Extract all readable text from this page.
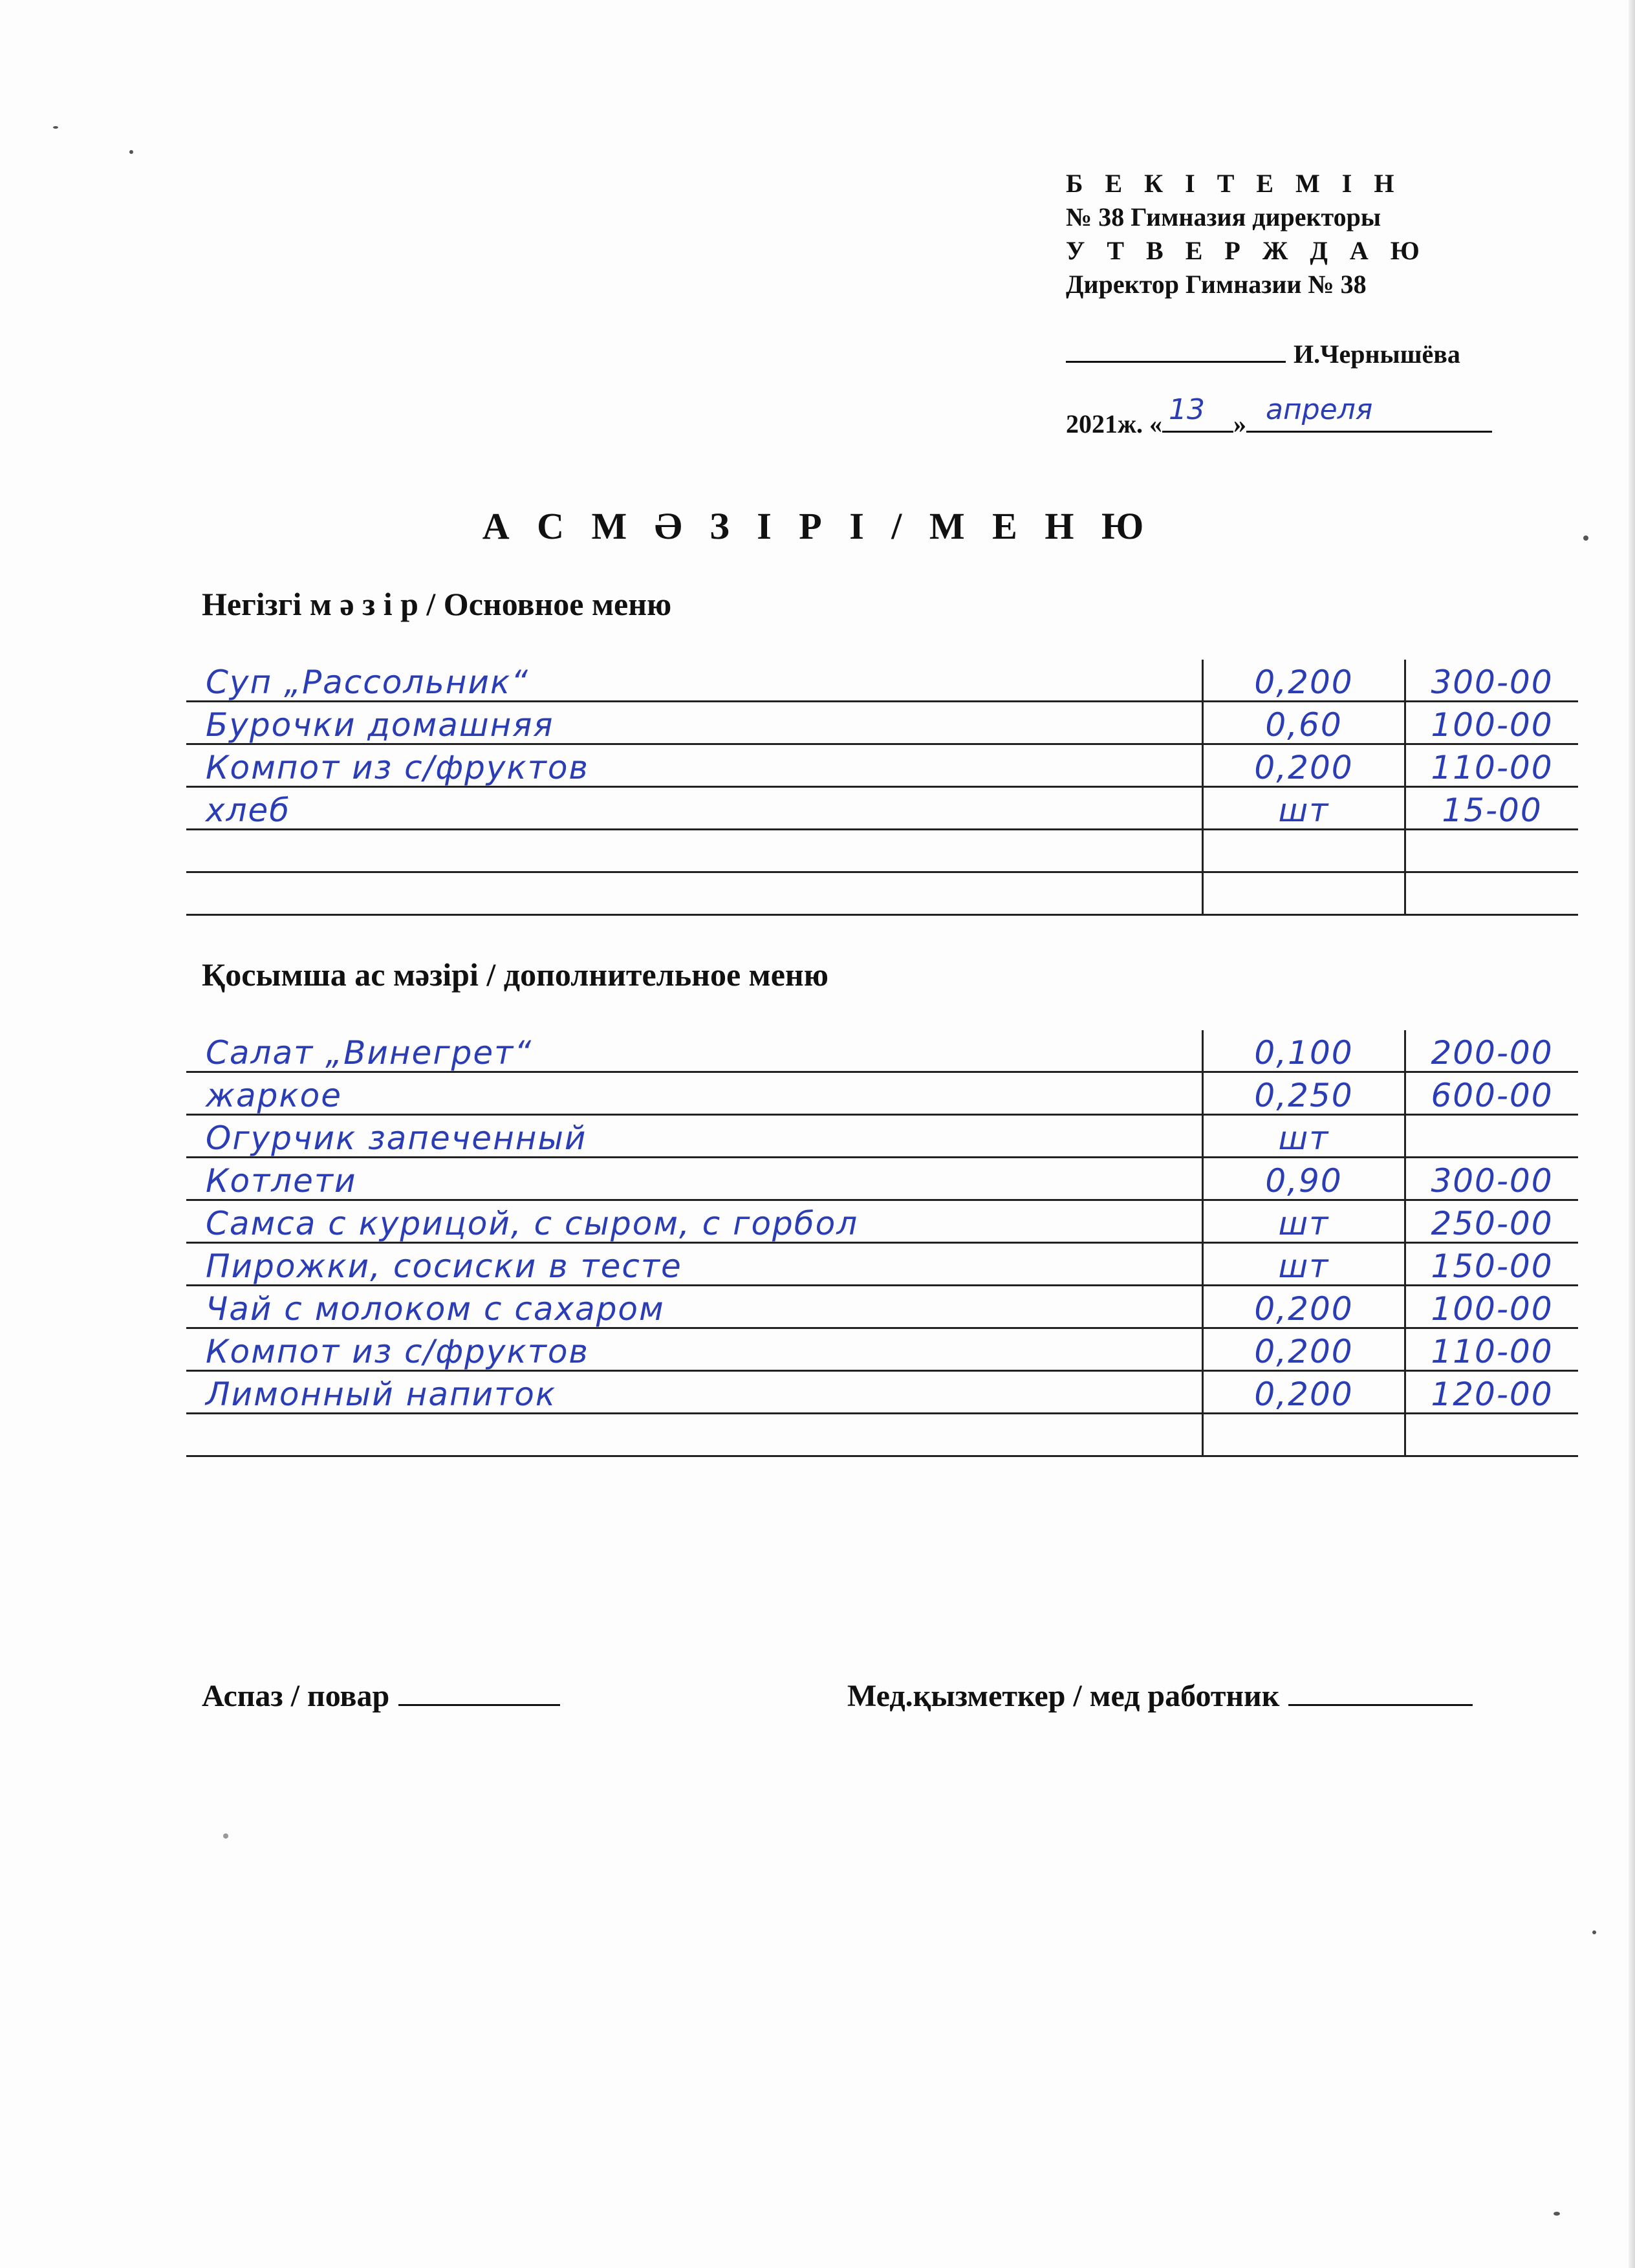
Б Е К І Т Е М І Н
№ 38 Гимназия директоры
У Т В Е Р Ж Д А Ю
Директор Гимназии № 38
И.Чернышёва
2021ж. « 13 » апреля
А С М Ә З І Р І / М Е Н Ю
Негізгі м ә з і р / Основное меню
Суп „Рассольник“	0,200	300-00
Бурочки домашняя	0,60	100-00
Компот из с/фруктов	0,200	110-00
хлеб	шт	15-00

Қосымша ас мәзірі / дополнительное меню
Салат „Винегрет“	0,100	200-00
жаркое	0,250	600-00
Огурчик запеченный	шт	
Котлети	0,90	300-00
Самса с курицой, с сыром, с горбол	шт	250-00
Пирожки, сосиски в тесте	шт	150-00
Чай с молоком с сахаром	0,200	100-00
Компот из с/фруктов	0,200	110-00
Лимонный напиток	0,200	120-00

Аспаз / повар	Мед.қызметкер / мед работник
